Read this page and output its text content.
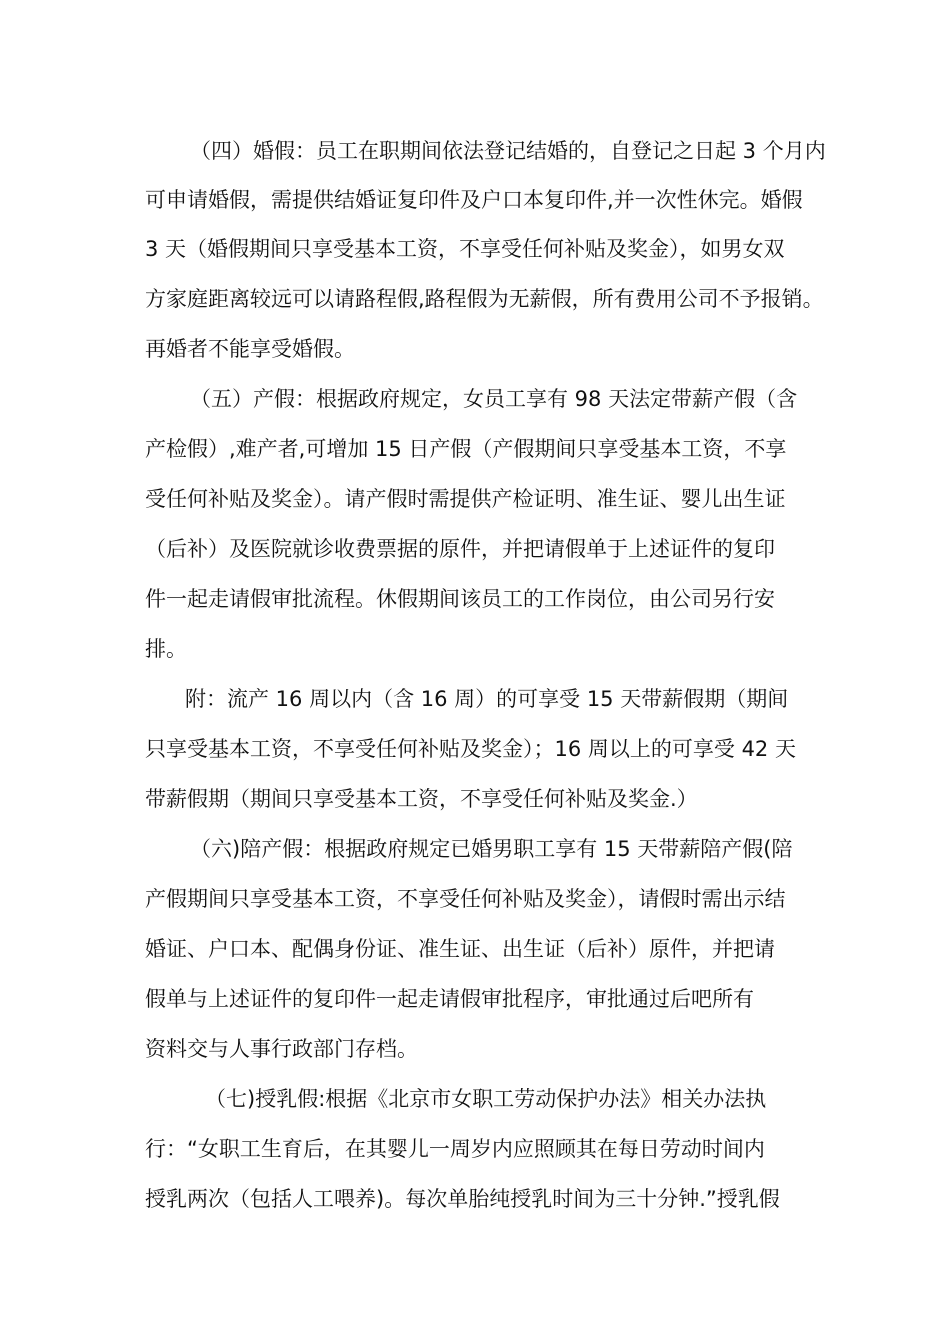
（四）婚假：员工在职期间依法登记结婚的，自登记之日起 3 个月内
可申请婚假，需提供结婚证复印件及户口本复印件,并一次性休完。婚假
3 天（婚假期间只享受基本工资，不享受任何补贴及奖金），如男女双
方家庭距离较远可以请路程假,路程假为无薪假，所有费用公司不予报销。
再婚者不能享受婚假。
（五）产假：根据政府规定，女员工享有 98 天法定带薪产假（含
产检假）,难产者,可增加 15 日产假（产假期间只享受基本工资，不享
受任何补贴及奖金）。请产假时需提供产检证明、准生证、婴儿出生证
（后补）及医院就诊收费票据的原件，并把请假单于上述证件的复印
件一起走请假审批流程。休假期间该员工的工作岗位，由公司另行安
排。
附：流产 16 周以内（含 16 周）的可享受 15 天带薪假期（期间
只享受基本工资，不享受任何补贴及奖金）；16 周以上的可享受 42 天
带薪假期（期间只享受基本工资，不享受任何补贴及奖金.）
（六)陪产假：根据政府规定已婚男职工享有 15 天带薪陪产假(陪
产假期间只享受基本工资，不享受任何补贴及奖金），请假时需出示结
婚证、户口本、配偶身份证、准生证、出生证（后补）原件，并把请
假单与上述证件的复印件一起走请假审批程序，审批通过后吧所有
资料交与人事行政部门存档。
（七)授乳假:根据《北京市女职工劳动保护办法》相关办法执
行：“女职工生育后，在其婴儿一周岁内应照顾其在每日劳动时间内
授乳两次（包括人工喂养)。每次单胎纯授乳时间为三十分钟.”授乳假
